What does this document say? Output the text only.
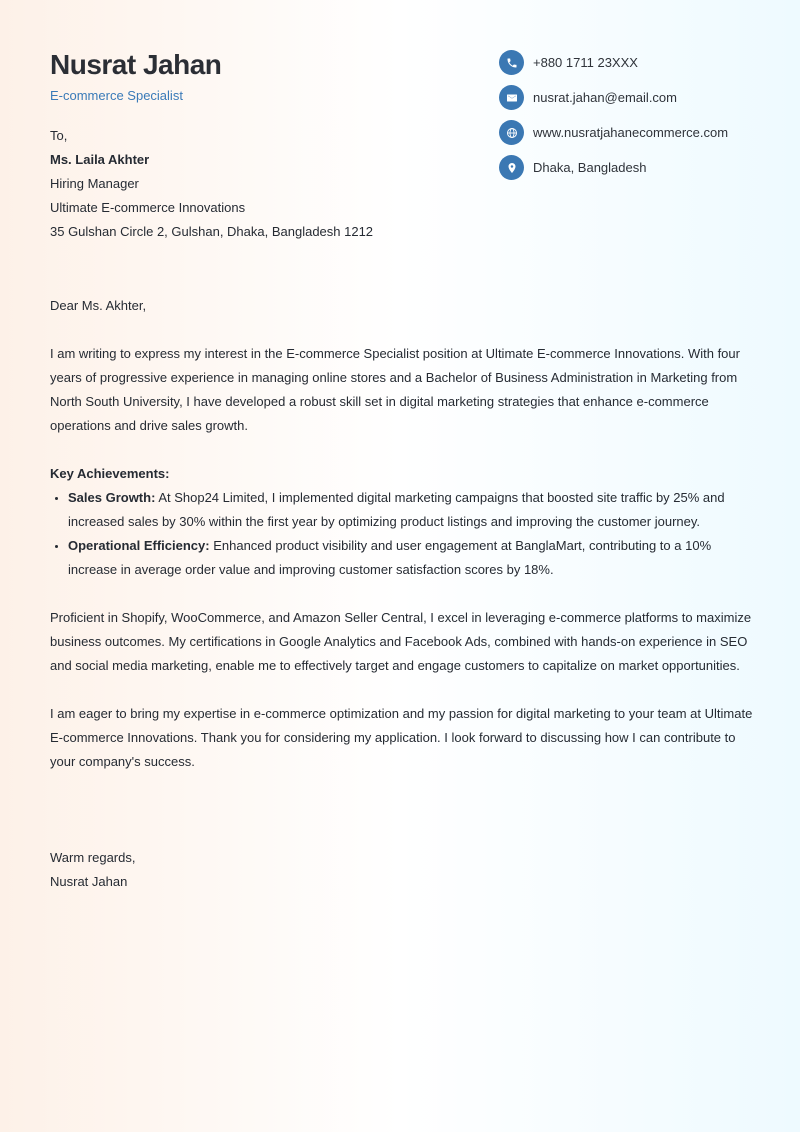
Nusrat Jahan
E-commerce Specialist
+880 1711 23XXX
nusrat.jahan@email.com
www.nusratjahanecommerce.com
Dhaka, Bangladesh
To,
Ms. Laila Akhter
Hiring Manager
Ultimate E-commerce Innovations
35 Gulshan Circle 2, Gulshan, Dhaka, Bangladesh 1212

Dear Ms. Akhter,

I am writing to express my interest in the E-commerce Specialist position at Ultimate E-commerce Innovations. With four years of progressive experience in managing online stores and a Bachelor of Business Administration in Marketing from North South University, I have developed a robust skill set in digital marketing strategies that enhance e-commerce operations and drive sales growth.

Key Achievements:

• Sales Growth: At Shop24 Limited, I implemented digital marketing campaigns that boosted site traffic by 25% and increased sales by 30% within the first year by optimizing product listings and improving the customer journey.
• Operational Efficiency: Enhanced product visibility and user engagement at BanglaMart, contributing to a 10% increase in average order value and improving customer satisfaction scores by 18%.

Proficient in Shopify, WooCommerce, and Amazon Seller Central, I excel in leveraging e-commerce platforms to maximize business outcomes. My certifications in Google Analytics and Facebook Ads, combined with hands-on experience in SEO and social media marketing, enable me to effectively target and engage customers to capitalize on market opportunities.

I am eager to bring my expertise in e-commerce optimization and my passion for digital marketing to your team at Ultimate E-commerce Innovations. Thank you for considering my application. I look forward to discussing how I can contribute to your company's success.

Warm regards,
Nusrat Jahan
